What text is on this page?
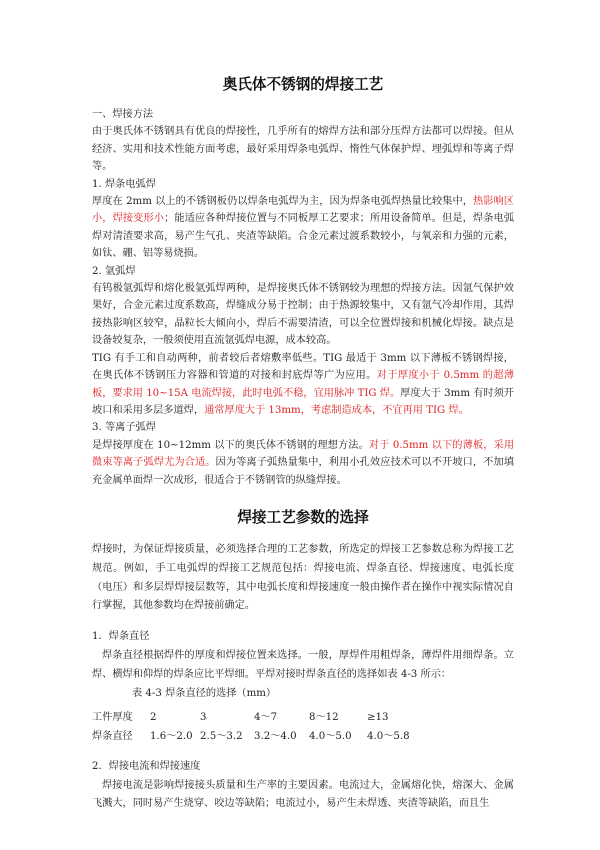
奥氏体不锈钢的焊接工艺

一、焊接方法

由于奥氏体不锈钢具有优良的焊接性，几乎所有的熔焊方法和部分压焊方法都可以焊接。但从经济、实用和技术性能方面考虑，最好采用焊条电弧焊、惰性气体保护焊、埋弧焊和等离子焊等。

1. 焊条电弧焊

厚度在 2mm 以上的不锈钢板仍以焊条电弧焊为主，因为焊条电弧焊热量比较集中，热影响区小，焊接变形小；能适应各种焊接位置与不同板厚工艺要求；所用设备简单。但是，焊条电弧焊对清渣要求高，易产生气孔、夹渣等缺陷。合金元素过渡系数较小，与氧亲和力强的元素，如钛、硼、铝等易烧损。

2. 氩弧焊

有钨极氩弧焊和熔化极氩弧焊两种，是焊接奥氏体不锈钢较为理想的焊接方法。因氩气保护效果好，合金元素过度系数高，焊缝成分易于控制；由于热源较集中，又有氩气冷却作用，其焊接热影响区较窄，晶粒长大倾向小，焊后不需要清渣，可以全位置焊接和机械化焊接。缺点是设备较复杂，一般须使用直流氩弧焊电源，成本较高。

TIG 有手工和自动两种，前者较后者熔敷率低些。TIG 最适于 3mm 以下薄板不锈钢焊接，在奥氏体不锈钢压力容器和管道的对接和封底焊等广为应用。对于厚度小于 0.5mm 的超薄板，要求用 10~15A 电流焊接，此时电弧不稳，宜用脉冲 TIG 焊。厚度大于 3mm 有时须开坡口和采用多层多道焊，通常厚度大于 13mm，考虑制造成本，不宜再用 TIG 焊。

3. 等离子弧焊

是焊接厚度在 10~12mm 以下的奥氏体不锈钢的理想方法。对于 0.5mm 以下的薄板，采用微束等离子弧焊尤为合适。因为等离子弧热量集中，利用小孔效应技术可以不开坡口，不加填充金属单面焊一次成形，很适合于不锈钢管的纵缝焊接。

焊接工艺参数的选择

焊接时，为保证焊接质量，必须选择合理的工艺参数，所选定的焊接工艺参数总称为焊接工艺规范。例如，手工电弧焊的焊接工艺规范包括：焊接电流、焊条直径、焊接速度、电弧长度（电压）和多层焊焊接层数等，其中电弧长度和焊接速度一般由操作者在操作中视实际情况自行掌握，其他参数均在焊接前确定。

1．焊条直径

焊条直径根据焊件的厚度和焊接位置来选择。一般，厚焊件用粗焊条，薄焊件用细焊条。立焊、横焊和仰焊的焊条应比平焊细。平焊对接时焊条直径的选择如表 4-3 所示：

表 4-3 焊条直径的选择（mm）

工件厚度	2	3	4～7	8～12	≥13
焊条直径	1.6～2.0	2.5～3.2	3.2～4.0	4.0～5.0	4.0～5.8

2．焊接电流和焊接速度

焊接电流是影响焊接接头质量和生产率的主要因素。电流过大，金属熔化快，熔深大、金属飞溅大，同时易产生烧穿、咬边等缺陷；电流过小，易产生未焊透、夹渣等缺陷，而且生
